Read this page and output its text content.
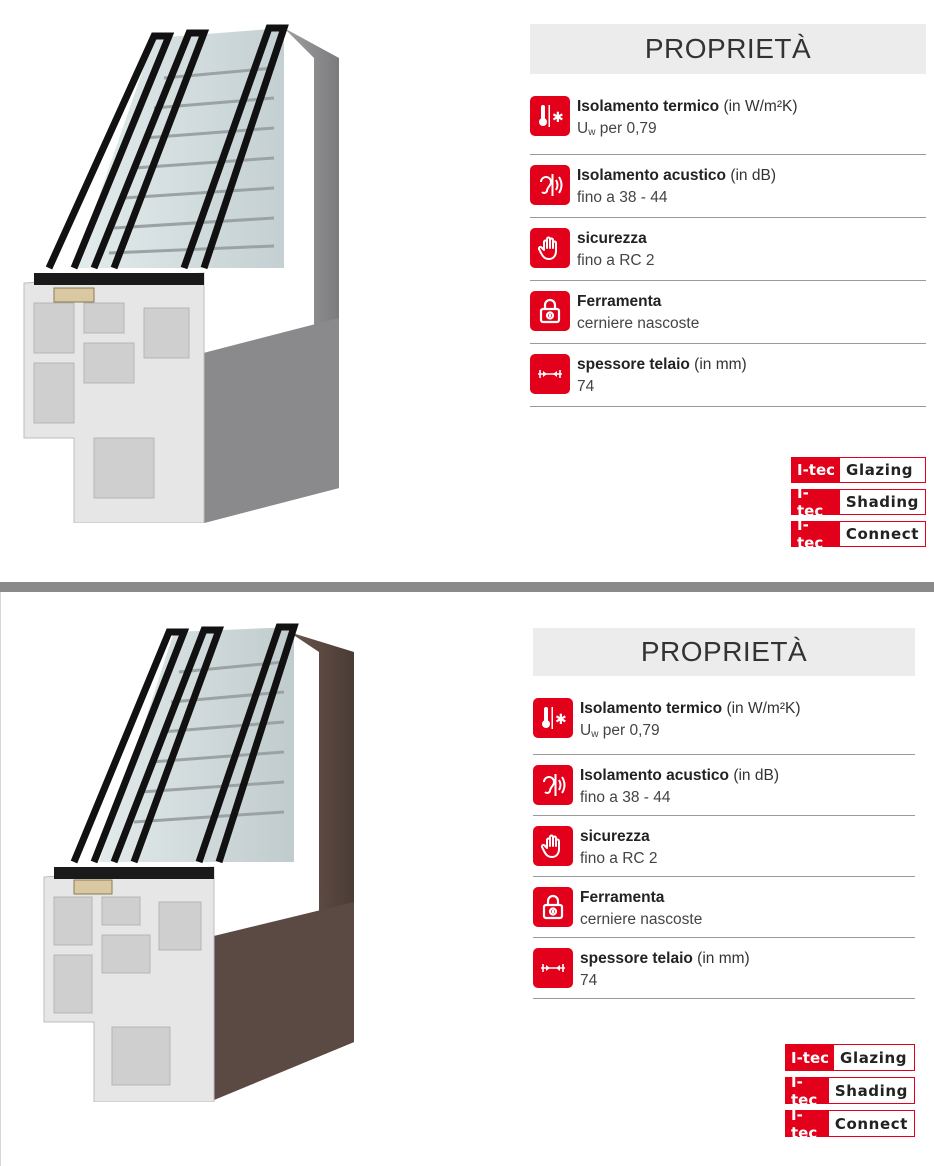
PROPRIETÀ
✱
Isolamento termico (in W/m²K)
$U_w$ per 0,79
Isolamento acustico (in dB)
fino a 38 - 44
sicurezza
fino a RC 2
Ferramenta
cerniere nascoste
spessore telaio (in mm)
74
I-tec Glazing
I-tec	Shading
I-tec	Connect
PROPRIETÀ
✱
Isolamento termico (in W/m²K)
$U_w$ per 0,79
Isolamento acustico (in dB)
fino a 38 - 44
sicurezza
fino a RC 2
Ferramenta
cerniere nascoste
spessore telaio (in mm)
74
I-tec Glazing
I-tec	Shading
I-tec	Connect
